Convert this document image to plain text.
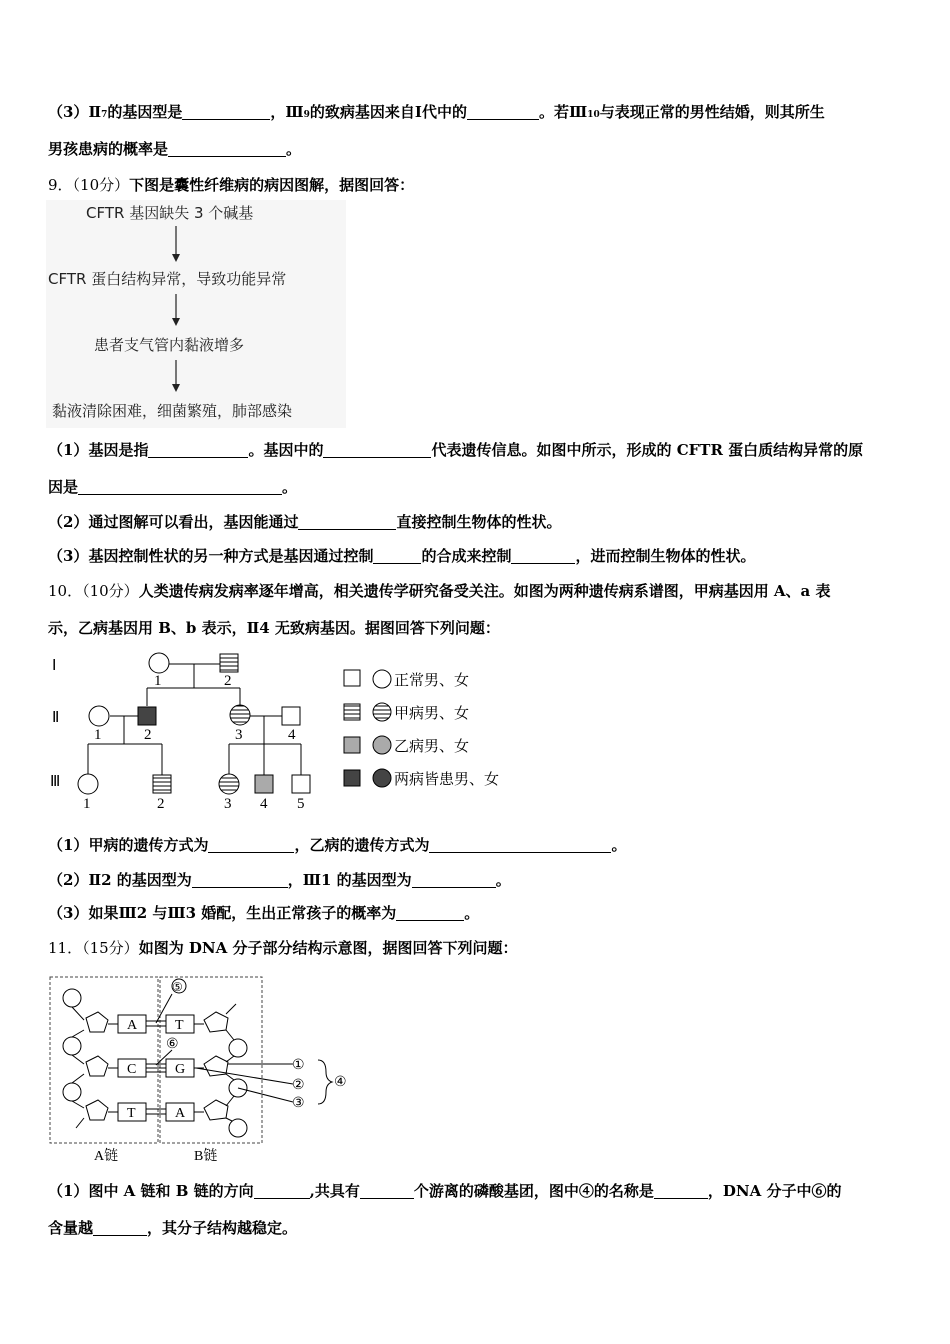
（3）Ⅱ7的基因型是	，Ⅲ9的致病基因来自Ⅰ代中的	。若Ⅲ10与表现正常的男性结婚，则其所生
男孩患病的概率是	。
9．（10分）下图是囊性纤维病的病因图解，据图回答：
CFTR 基因缺失 3 个碱基
CFTR 蛋白结构异常，导致功能异常
患者支气管内黏液增多
黏液清除困难，细菌繁殖，肺部感染
（1）基因是指	。基因中的	代表遗传信息。如图中所示，形成的 CFTR 蛋白质结构异常的原
因是	。
（2）通过图解可以看出，基因能通过	直接控制生物体的性状。
（3）基因控制性状的另一种方式是基因通过控制	的合成来控制	，进而控制生物体的性状。
10．（10分）人类遗传病发病率逐年增高，相关遗传学研究备受关注。如图为两种遗传病系谱图，甲病基因用 A、a 表
示，乙病基因用 B、b 表示，Ⅱ4 无致病基因。据图回答下列问题：
Ⅰ
Ⅱ
Ⅲ
1	2
1	2	3	4
1	2	3 4 5
正常男、女
甲病男、女
乙病男、女
两病皆患男、女
（1）甲病的遗传方式为	，乙病的遗传方式为	。
（2）Ⅱ2 的基因型为	，Ⅲ1 的基因型为	。
（3）如果Ⅲ2 与Ⅲ3 婚配，生出正常孩子的概率为	。
11．（15分）如图为 DNA 分子部分结构示意图，据图回答下列问题：
A
C
T
T
G
A
⑤
⑥
①
②
③
④
A链	B链
（1）图中 A 链和 B 链的方向	,共具有	个游离的磷酸基团，图中④的名称是	，DNA 分子中⑥的
含量越	，其分子结构越稳定。
